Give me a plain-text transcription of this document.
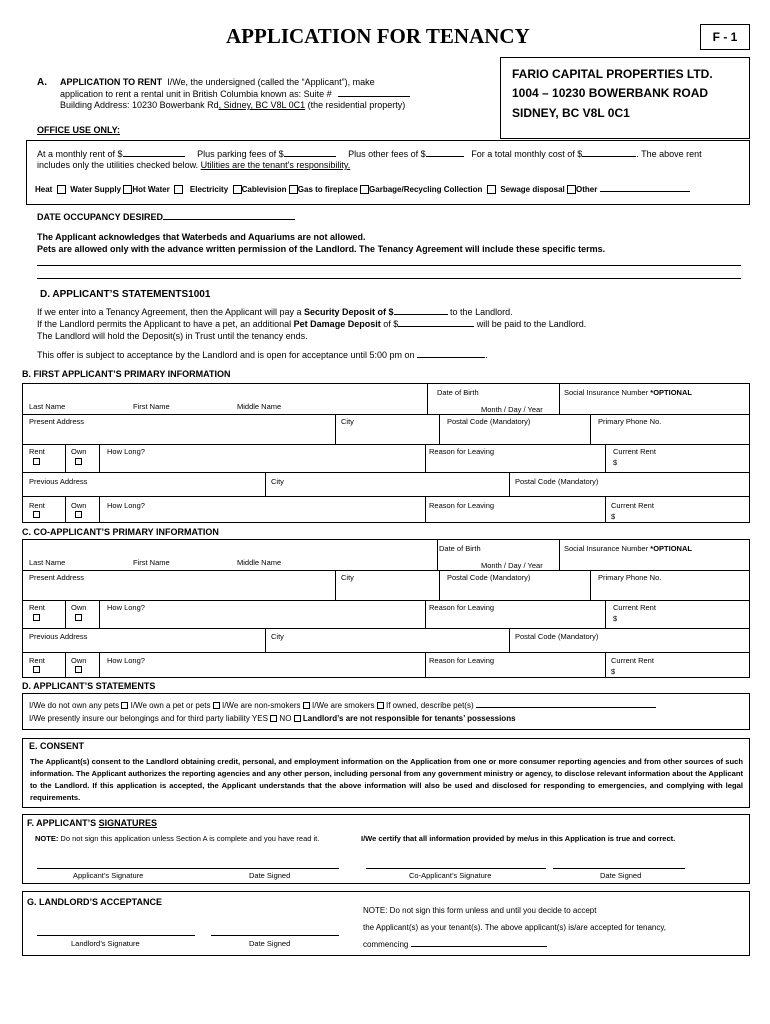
APPLICATION FOR TENANCY	F - 1
FARIO CAPITAL PROPERTIES LTD.
1004 – 10230 BOWERBANK ROAD
SIDNEY, BC V8L 0C1
A. APPLICATION TO RENT I/We, the undersigned (called the “Applicant”), make
application to rent a rental unit in British Columbia known as: Suite #
Building Address: 10230 Bowerbank Rd, Sidney, BC V8L 0C1 (the residential property)
OFFICE USE ONLY:
At a monthly rent of $	Plus parking fees of $	Plus other fees of $	For a total monthly cost of $	. The above rent
includes only the utilities checked below. Utilities are the tenant's responsibility.
Heat Water Supply Hot Water	Electricity Cablevision Gas to fireplace Garbage/Recycling Collection Sewage disposal Other
DATE OCCUPANCY DESIRED
The Applicant acknowledges that Waterbeds and Aquariums are not allowed.
Pets are allowed only with the advance written permission of the Landlord. The Tenancy Agreement will include these specific terms.
D. APPLICANT’S STATEMENTS1001
If we enter into a Tenancy Agreement, then the Applicant will pay a Security Deposit of $	to the Landlord.
If the Landlord permits the Applicant to have a pet, an additional Pet Damage Deposit of $	will be paid to the Landlord.
The Landlord will hold the Deposit(s) in Trust until the tenancy ends.
This offer is subject to acceptance by the Landlord and is open for acceptance until 5:00 pm on	.
B. FIRST APPLICANT’S PRIMARY INFORMATION
Date of Birth	Social Insurance Number *OPTIONAL
Last Name	First Name	Middle Name	Month / Day / Year
Present Address	City	Postal Code (Mandatory)	Primary Phone No.
Rent	Own	How Long?	Reason for Leaving	Current Rent
$
Previous Address	City	Postal Code (Mandatory)
Rent	Own	How Long?	Reason for Leaving	Current Rent
$
C. CO-APPLICANT’S PRIMARY INFORMATION
Date of Birth	Social Insurance Number *OPTIONAL
Last Name	First Name	Middle Name	Month / Day / Year
Present Address	City	Postal Code (Mandatory)	Primary Phone No.
Rent	Own	How Long?	Reason for Leaving	Current Rent
$
Previous Address	City	Postal Code (Mandatory)
Rent	Own	How Long?	Reason for Leaving	Current Rent
$
D. APPLICANT’S STATEMENTS
I/We do not own any pets I/We own a pet or pets I/We are non-smokers I/We are smokers If owned, describe pet(s)
I/We presently insure our belongings and for third party liability YES NO Landlord’s are not responsible for tenants’ possessions
E. CONSENT
The Applicant(s) consent to the Landlord obtaining credit, personal, and employment information on the Application from one or more consumer reporting agencies and from other sources of such information. The Applicant authorizes the reporting agencies and any other person, including personal from any government ministry or agency, to disclose relevant information about the Applicant to the Landlord. If this application is accepted, the Applicant understands that the above information will also be used and disclosed for responding to emergencies, and complying with legal requirements.
F. APPLICANT’S SIGNATURES
NOTE: Do not sign this application unless Section A is complete and you have read it.	I/We certify that all information provided by me/us in this Application is true and correct.
Applicant’s Signature	Date Signed	Co-Applicant’s Signature	Date Signed
G. LANDLORD’S ACCEPTANCE
Landlord’s Signature	Date Signed
NOTE: Do not sign this form unless and until you decide to accept
the Applicant(s) as your tenant(s). The above applicant(s) is/are accepted for tenancy,
commencing
